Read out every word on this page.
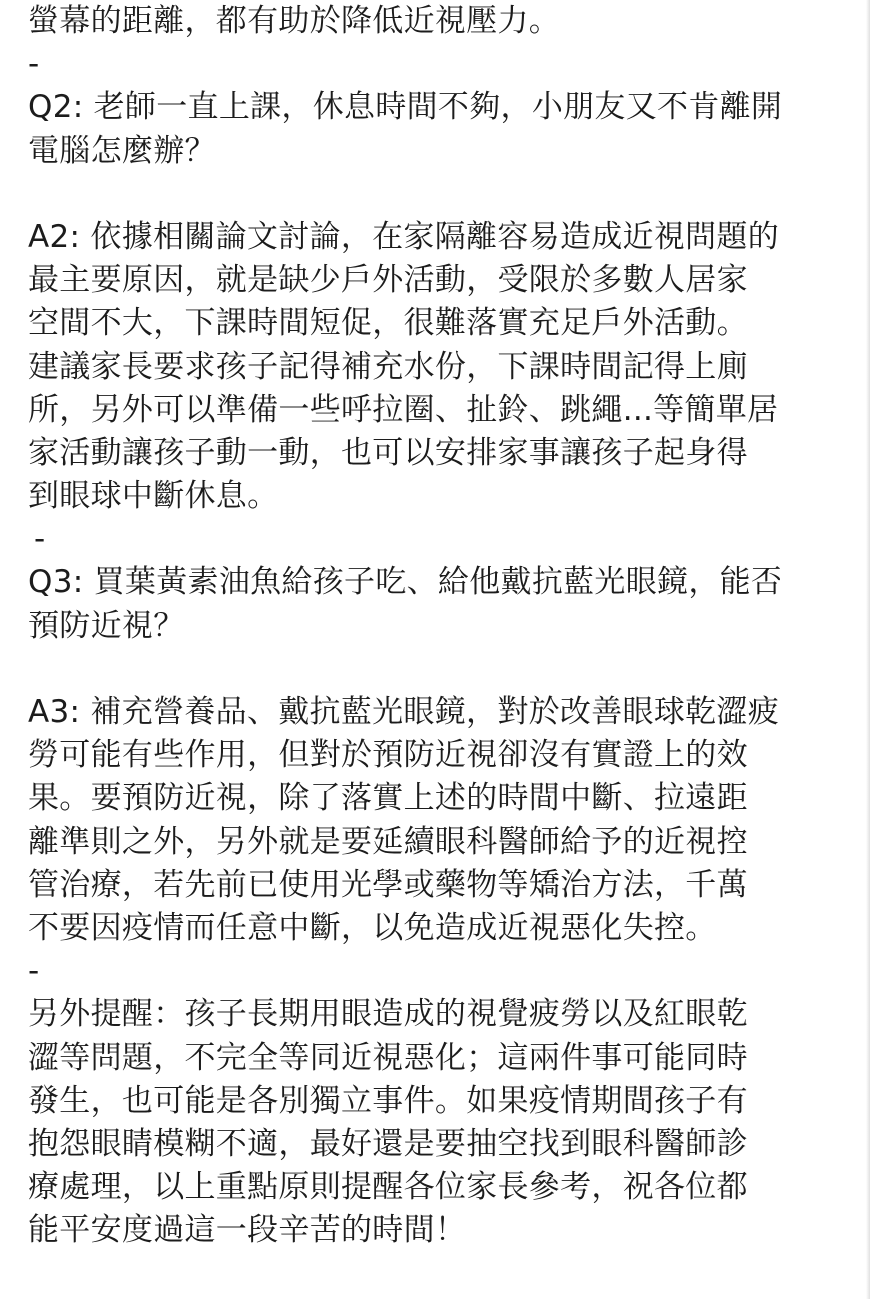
螢幕的距離，都有助於降低近視壓力。
-
Q2: 老師一直上課，休息時間不夠，小朋友又不肯離開
電腦怎麼辦？
A2: 依據相關論文討論，在家隔離容易造成近視問題的
最主要原因，就是缺少戶外活動，受限於多數人居家
空間不大，下課時間短促，很難落實充足戶外活動。
建議家長要求孩子記得補充水份，下課時間記得上廁
所，另外可以準備一些呼拉圈、扯鈴、跳繩...等簡單居
家活動讓孩子動一動，也可以安排家事讓孩子起身得
到眼球中斷休息。
-
Q3: 買葉黃素油魚給孩子吃、給他戴抗藍光眼鏡，能否
預防近視？
A3: 補充營養品、戴抗藍光眼鏡，對於改善眼球乾澀疲
勞可能有些作用，但對於預防近視卻沒有實證上的效
果。要預防近視，除了落實上述的時間中斷、拉遠距
離準則之外，另外就是要延續眼科醫師給予的近視控
管治療，若先前已使用光學或藥物等矯治方法，千萬
不要因疫情而任意中斷，以免造成近視惡化失控。
-
另外提醒：孩子長期用眼造成的視覺疲勞以及紅眼乾
澀等問題，不完全等同近視惡化；這兩件事可能同時
發生，也可能是各別獨立事件。如果疫情期間孩子有
抱怨眼睛模糊不適，最好還是要抽空找到眼科醫師診
療處理，以上重點原則提醒各位家長參考，祝各位都
能平安度過這一段辛苦的時間！
